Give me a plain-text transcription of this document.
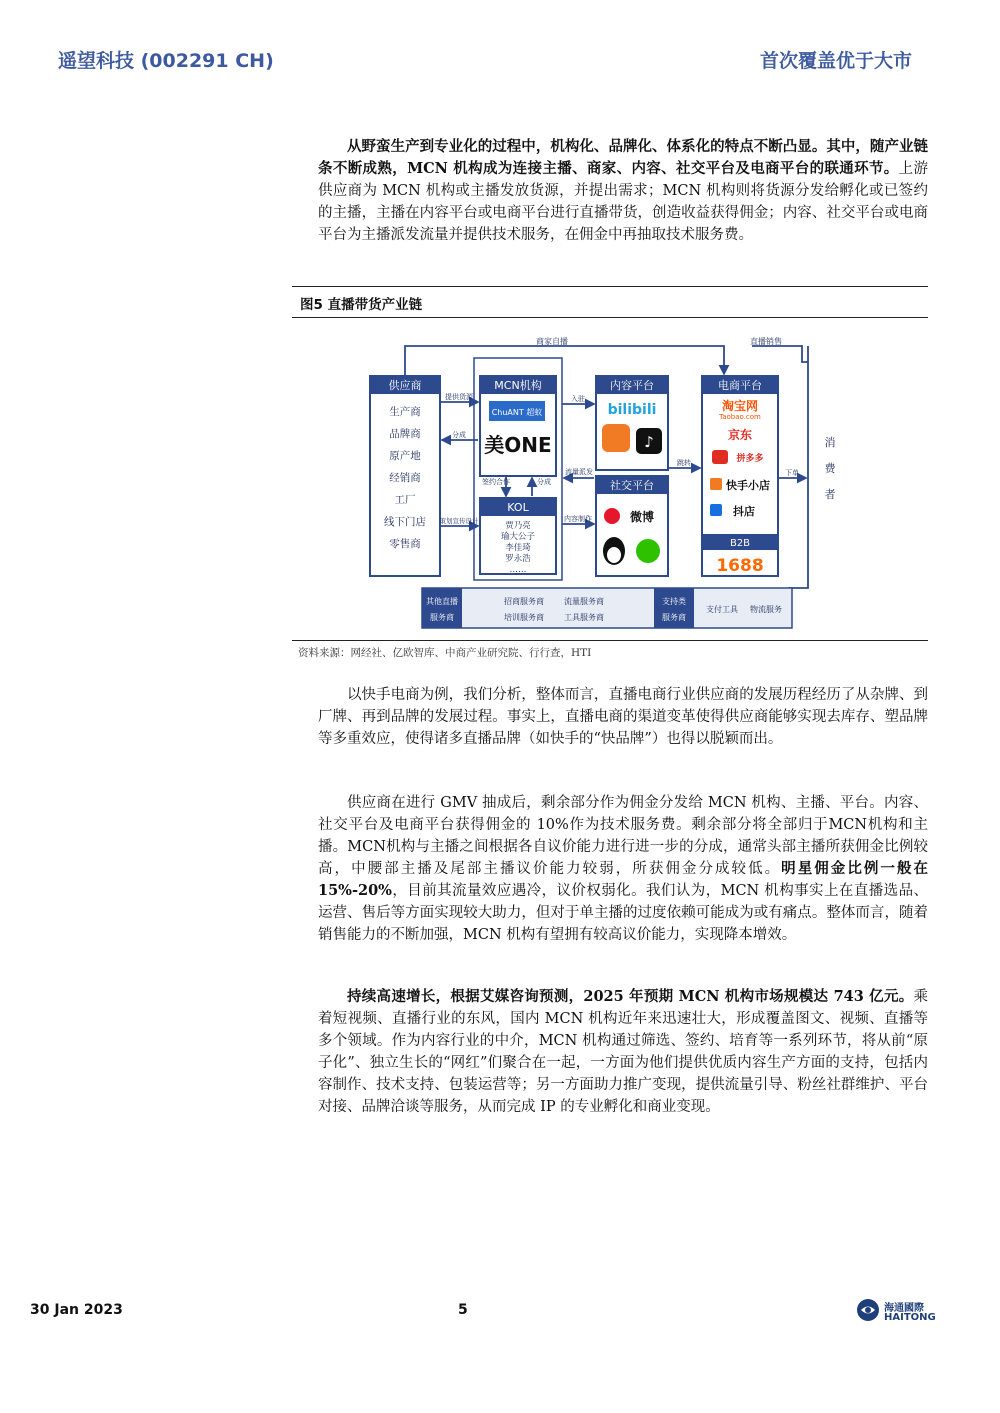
遥望科技 (002291 CH)	首次覆盖优于大市

从野蛮生产到专业化的过程中，机构化、品牌化、体系化的特点不断凸显。其中，随产业链条不断成熟，MCN 机构成为连接主播、商家、内容、社交平台及电商平台的联通环节。上游供应商为 MCN 机构或主播发放货源，并提出需求；MCN 机构则将货源分发给孵化或已签约的主播，主播在内容平台或电商平台进行直播带货，创造收益获得佣金；内容、社交平台或电商平台为主播派发流量并提供技术服务，在佣金中再抽取技术服务费。

图5 直播带货产业链
供应商
生产商
品牌商
原产地
经销商
工厂
线下门店
零售商
MCN机构
ChuANT 超蚁
美ONE
KOL
贾乃亮
瑜大公子
李佳琦
罗永浩
……
内容平台
bilibili
♪
社交平台
微博
电商平台
淘宝网
Taobao.com
京东
拼多多
快手小店
抖店
B2B
1688
消
费
者
商家自播	直播销售
提供货源
分成
入驻
签约合作	分成
流量派发
跳转
下单
策划宣传设计	内容制作
其他直播
服务商
招商服务商	流量服务商
培训服务商	工具服务商
支持类
服务商
支付工具 物流服务
资料来源：网经社、亿欧智库、中商产业研究院、行行查，HTI

以快手电商为例，我们分析，整体而言，直播电商行业供应商的发展历程经历了从杂牌、到厂牌、再到品牌的发展过程。事实上，直播电商的渠道变革使得供应商能够实现去库存、塑品牌等多重效应，使得诸多直播品牌（如快手的“快品牌”）也得以脱颖而出。

供应商在进行 GMV 抽成后，剩余部分作为佣金分发给 MCN 机构、主播、平台。内容、社交平台及电商平台获得佣金的 10%作为技术服务费。剩余部分将全部归于MCN机构和主播。MCN机构与主播之间根据各自议价能力进行进一步的分成，通常头部主播所获佣金比例较高，中腰部主播及尾部主播议价能力较弱，所获佣金分成较低。明星佣金比例一般在 15%-20%，目前其流量效应遇冷，议价权弱化。我们认为，MCN 机构事实上在直播选品、运营、售后等方面实现较大助力，但对于单主播的过度依赖可能成为或有痛点。整体而言，随着销售能力的不断加强，MCN 机构有望拥有较高议价能力，实现降本增效。

持续高速增长，根据艾媒咨询预测，2025 年预期 MCN 机构市场规模达 743 亿元。乘着短视频、直播行业的东风，国内 MCN 机构近年来迅速壮大，形成覆盖图文、视频、直播等多个领域。作为内容行业的中介，MCN 机构通过筛选、签约、培育等一系列环节，将从前“原子化”、独立生长的“网红”们聚合在一起，一方面为他们提供优质内容生产方面的支持，包括内容制作、技术支持、包装运营等；另一方面助力推广变现，提供流量引导、粉丝社群维护、平台对接、品牌洽谈等服务，从而完成 IP 的专业孵化和商业变现。

30 Jan 2023	5	海通國際
HAITONG
